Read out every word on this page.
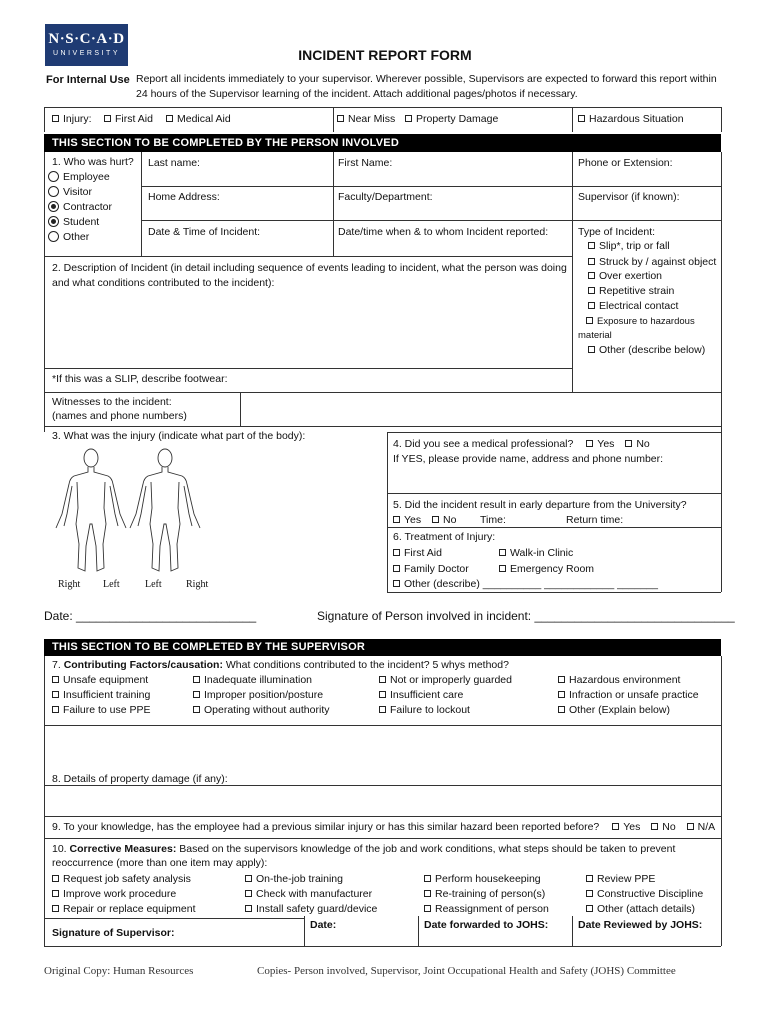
N·S·C·A·D
UNIVERSITY	INCIDENT REPORT FORM
For Internal Use Report all incidents immediately to your supervisor. Wherever possible, Supervisors are expected to forward this report within 24 hours of the Supervisor learning of the incident. Attach additional pages/photos if necessary.
Injury:	First Aid	Medical Aid	Near Miss	Property Damage	Hazardous Situation
THIS SECTION TO BE COMPLETED BY THE PERSON INVOLVED
1. Who was hurt?
Employee
Visitor
Contractor
Student
Other
Last name:	First Name:	Phone or Extension:
Home Address:	Faculty/Department:	Supervisor (if known):
Date & Time of Incident:	Date/time when & to whom Incident reported:	Type of Incident:
Slip*, trip or fall
Struck by / against object
Over exertion
Repetitive strain
Electrical contact
Exposure to hazardous material
Other (describe below)
2. Description of Incident (in detail including sequence of events leading to incident, what the person was doing and what conditions contributed to the incident):
*If this was a SLIP, describe footwear:
Witnesses to the incident:
(names and phone numbers)
3. What was the injury (indicate what part of the body):
Right Left	Left Right
4. Did you see a medical professional? Yes No
If YES, please provide name, address and phone number:
5. Did the incident result in early departure from the University?
Yes	No Time:	Return time:
6. Treatment of Injury:
First Aid	Walk-in Clinic
Family Doctor	Emergency Room
Other (describe) __________ ____________ _______
Date: ___________________________	Signature of Person involved in incident: ______________________________
THIS SECTION TO BE COMPLETED BY THE SUPERVISOR
7. Contributing Factors/causation: What conditions contributed to the incident? 5 whys method?
Unsafe equipment	Inadequate illumination	Not or improperly guarded	Hazardous environment
Insufficient training	Improper position/posture	Insufficient care	Infraction or unsafe practice
Failure to use PPE	Operating without authority	Failure to lockout	Other (Explain below)
8. Details of property damage (if any):
9. To your knowledge, has the employee had a previous similar injury or has this similar hazard been reported before? Yes No N/A
10. Corrective Measures: Based on the supervisors knowledge of the job and work conditions, what steps should be taken to prevent reoccurrence (more than one item may apply):
Request job safety analysis	On-the-job training	Perform housekeeping	Review PPE
Improve work procedure	Check with manufacturer	Re-training of person(s)	Constructive Discipline
Repair or replace equipment	Install safety guard/device	Reassignment of person	Other (attach details)
Signature of Supervisor:
Date:	Date forwarded to JOHS:	Date Reviewed by JOHS:
Original Copy: Human Resources	Copies- Person involved, Supervisor, Joint Occupational Health and Safety (JOHS) Committee
